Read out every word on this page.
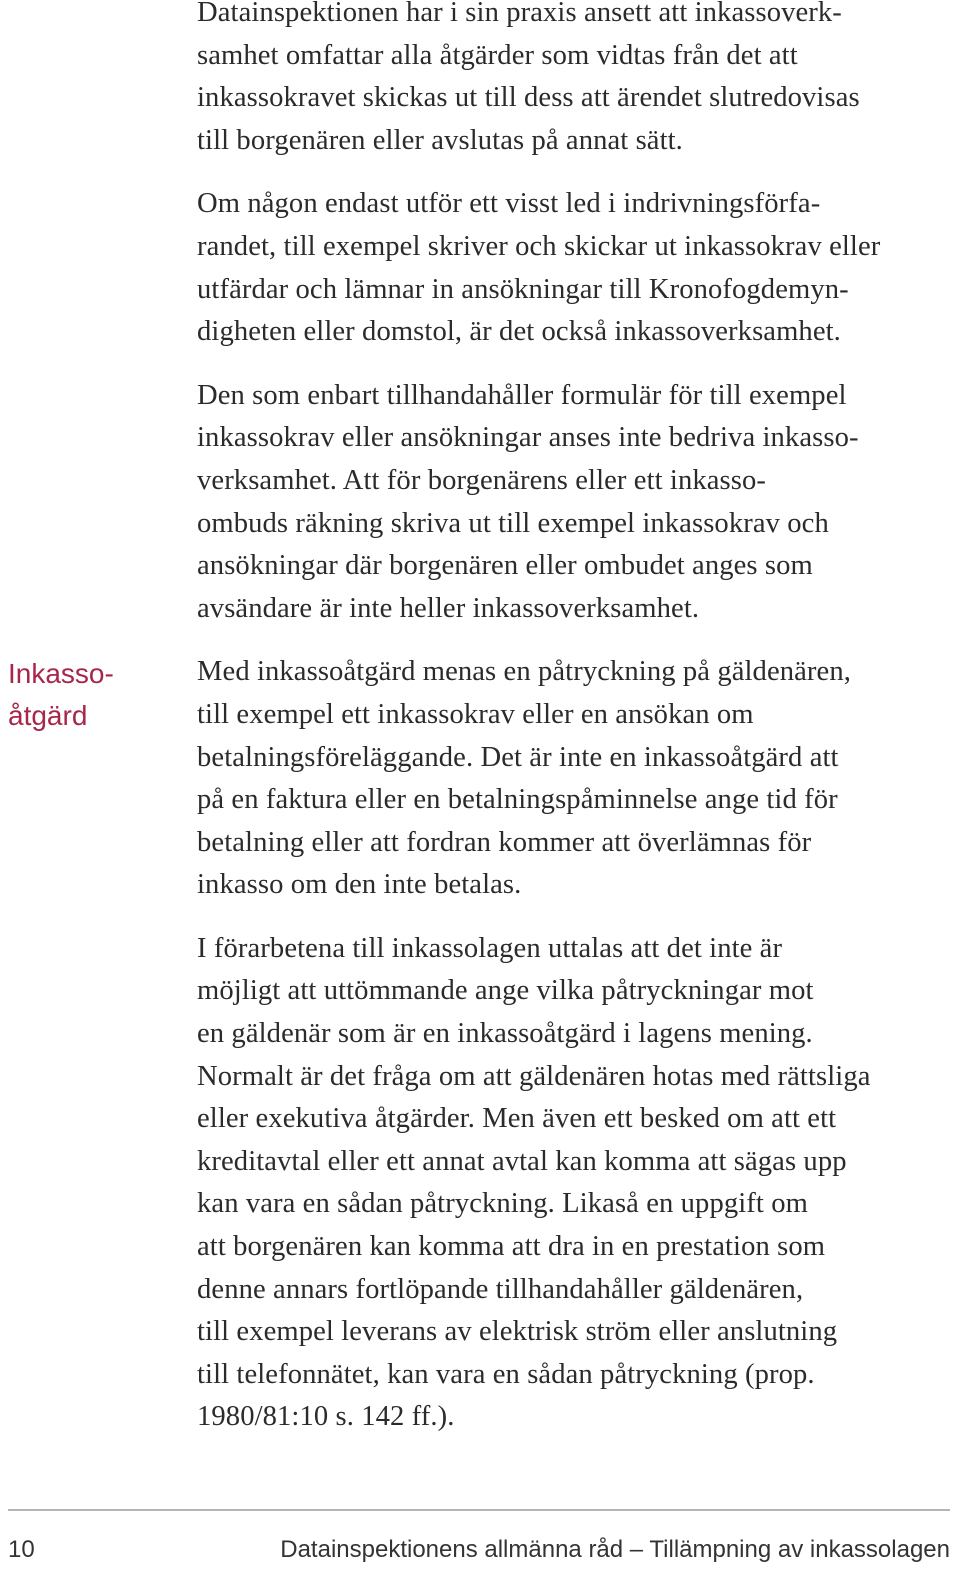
Datainspektionen har i sin praxis ansett att inkassoverk-
samhet omfattar alla åtgärder som vidtas från det att
inkassokravet skickas ut till dess att ärendet slutredovisas
till borgenären eller avslutas på annat sätt.

Om någon endast utför ett visst led i indrivningsförfa-
randet, till exempel skriver och skickar ut inkassokrav eller
utfärdar och lämnar in ansökningar till Kronofogdemyn-
digheten eller domstol, är det också inkassoverksamhet.

Den som enbart tillhandahåller formulär för till exempel
inkassokrav eller ansökningar anses inte bedriva inkasso-
verksamhet. Att för borgenärens eller ett inkasso-
ombuds räkning skriva ut till exempel inkassokrav och
ansökningar där borgenären eller ombudet anges som
avsändare är inte heller inkassoverksamhet.

Med inkassoåtgärd menas en påtryckning på gäldenären,
till exempel ett inkassokrav eller en ansökan om
betalningsföreläggande. Det är inte en inkassoåtgärd att
på en faktura eller en betalningspåminnelse ange tid för
betalning eller att fordran kommer att överlämnas för
inkasso om den inte betalas.

I förarbetena till inkassolagen uttalas att det inte är
möjligt att uttömmande ange vilka påtryckningar mot
en gäldenär som är en inkassoåtgärd i lagens mening.
Normalt är det fråga om att gäldenären hotas med rättsliga
eller exekutiva åtgärder. Men även ett besked om att ett
kreditavtal eller ett annat avtal kan komma att sägas upp
kan vara en sådan påtryckning. Likaså en uppgift om
att borgenären kan komma att dra in en prestation som
denne annars fortlöpande tillhandahåller gäldenären,
till exempel leverans av elektrisk ström eller anslutning
till telefonnätet, kan vara en sådan påtryckning (prop.
1980/81:10 s. 142 ff.).

Inkasso-
åtgärd
10	Datainspektionens allmänna råd – Tillämpning av inkassolagen
